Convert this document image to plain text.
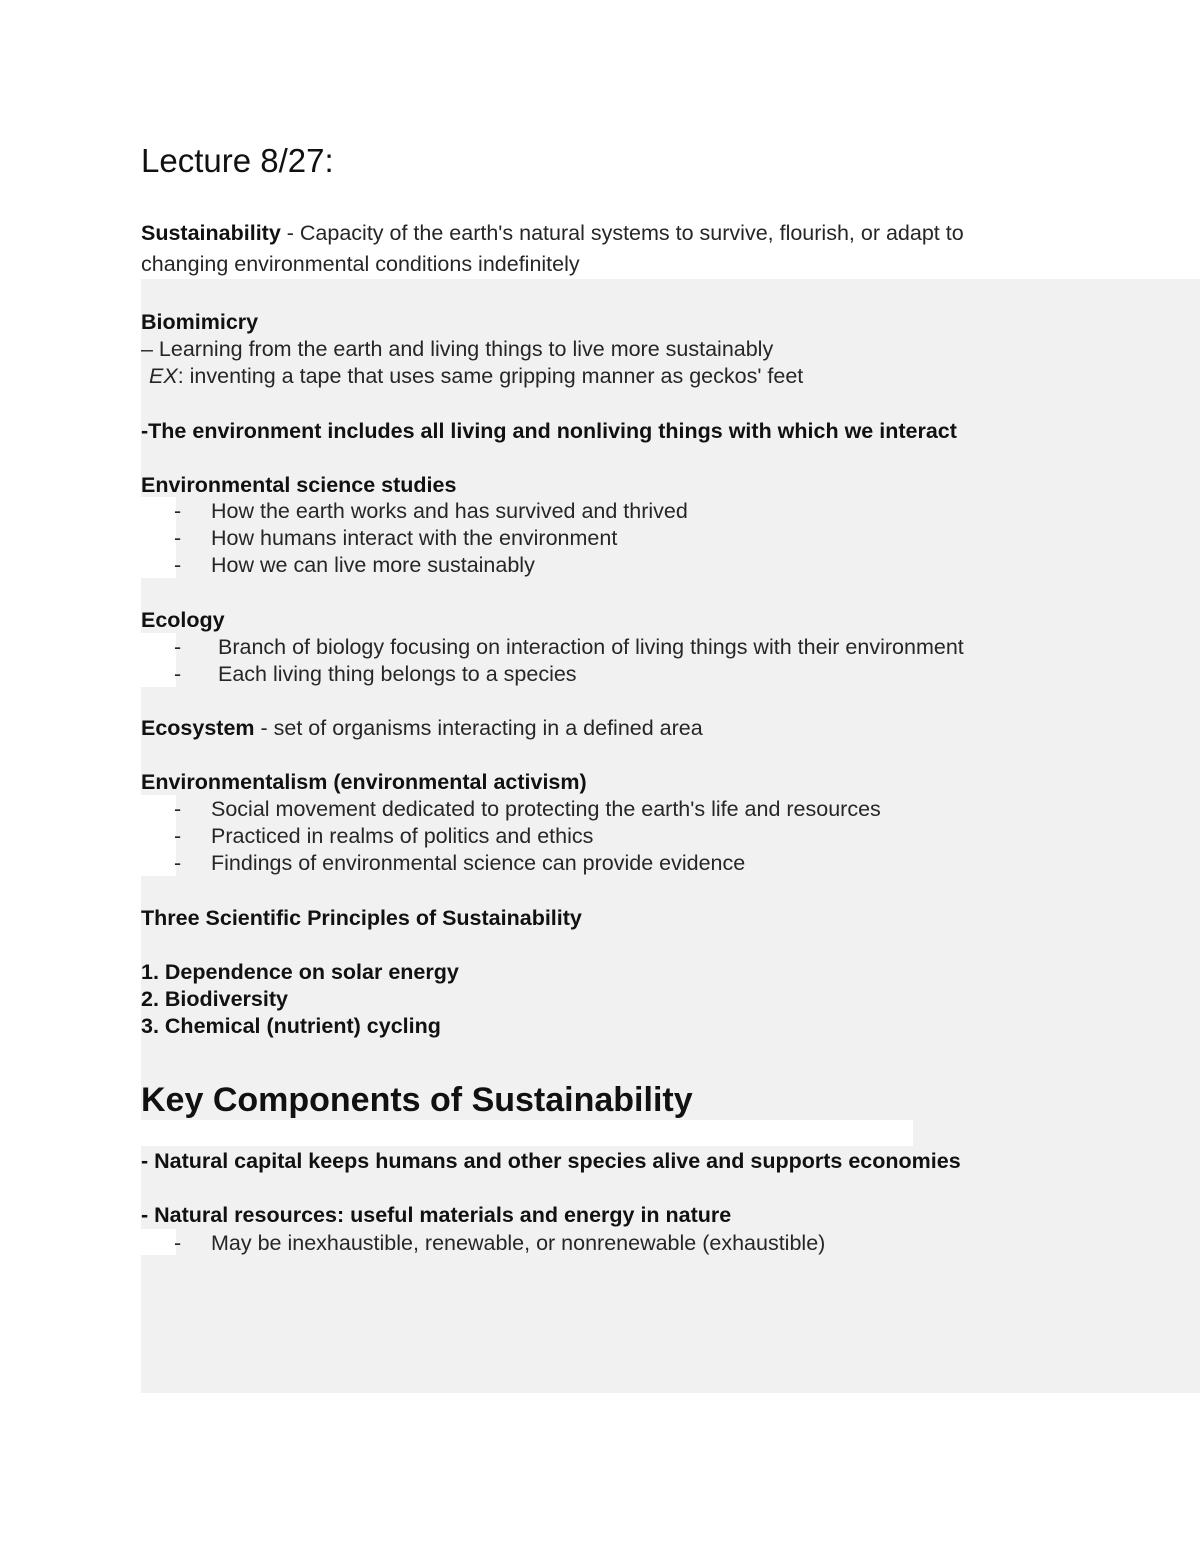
Lecture 8/27:
Sustainability - Capacity of the earth's natural systems to survive, flourish, or adapt to
changing environmental conditions indefinitely
Biomimicry
– Learning from the earth and living things to live more sustainably
EX: inventing a tape that uses same gripping manner as geckos' feet
-The environment includes all living and nonliving things with which we interact
Environmental science studies
- How the earth works and has survived and thrived
- How humans interact with the environment
- How we can live more sustainably
Ecology
- Branch of biology focusing on interaction of living things with their environment
- Each living thing belongs to a species
Ecosystem - set of organisms interacting in a defined area
Environmentalism (environmental activism)
- Social movement dedicated to protecting the earth's life and resources
- Practiced in realms of politics and ethics
- Findings of environmental science can provide evidence
Three Scientific Principles of Sustainability
1. Dependence on solar energy
2. Biodiversity
3. Chemical (nutrient) cycling
Key Components of Sustainability
- Natural capital keeps humans and other species alive and supports economies
- Natural resources: useful materials and energy in nature
- May be inexhaustible, renewable, or nonrenewable (exhaustible)
